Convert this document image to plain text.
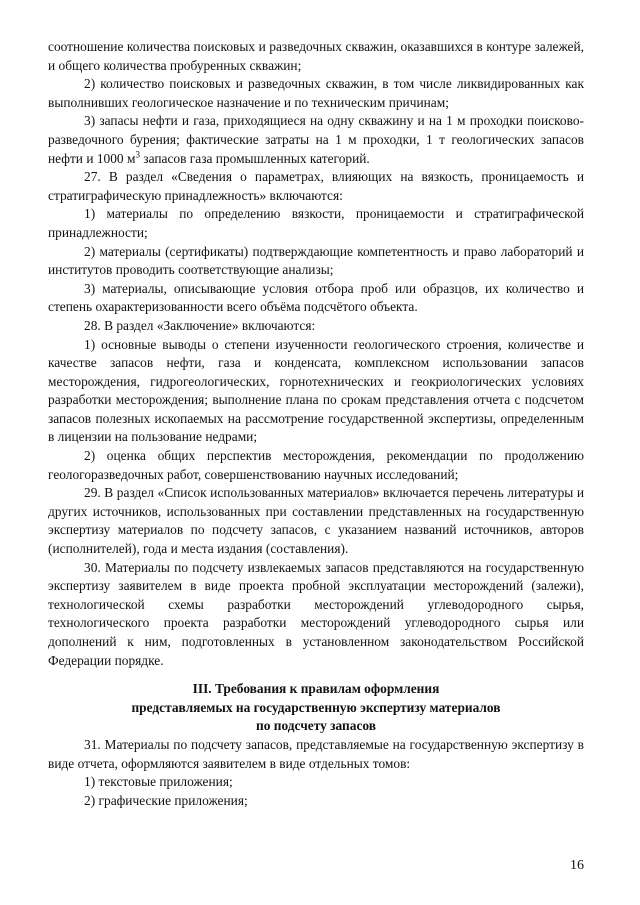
соотношение количества поисковых и разведочных скважин, оказавшихся в контуре залежей, и общего количества пробуренных скважин;

2) количество поисковых и разведочных скважин, в том числе ликвидированных как выполнивших геологическое назначение и по техническим причинам;

3) запасы нефти и газа, приходящиеся на одну скважину и на 1 м проходки поисково-разведочного бурения; фактические затраты на 1 м проходки, 1 т геологических запасов нефти и 1000 $м^3$ запасов газа промышленных категорий.

27. В раздел «Сведения о параметрах, влияющих на вязкость, проницаемость и стратиграфическую принадлежность» включаются:

1) материалы по определению вязкости, проницаемости и стратиграфической принадлежности;

2) материалы (сертификаты) подтверждающие компетентность и право лабораторий и институтов проводить соответствующие анализы;

3) материалы, описывающие условия отбора проб или образцов, их количество и степень охарактеризованности всего объёма подсчётого объекта.

28. В раздел «Заключение» включаются:

1) основные выводы о степени изученности геологического строения, количестве и качестве запасов нефти, газа и конденсата, комплексном использовании запасов месторождения, гидрогеологических, горнотехнических и геокриологических условиях разработки месторождения; выполнение плана по срокам представления отчета с подсчетом запасов полезных ископаемых на рассмотрение государственной экспертизы, определенным в лицензии на пользование недрами;

2) оценка общих перспектив месторождения, рекомендации по продолжению геологоразведочных работ, совершенствованию научных исследований;

29. В раздел «Список использованных материалов» включается перечень литературы и других источников, использованных при составлении представленных на государственную экспертизу материалов по подсчету запасов, с указанием названий источников, авторов (исполнителей), года и места издания (составления).

30. Материалы по подсчету извлекаемых запасов представляются на государственную экспертизу заявителем в виде проекта пробной эксплуатации месторождений (залежи), технологической схемы разработки месторождений углеводородного сырья, технологического проекта разработки месторождений углеводородного сырья или дополнений к ним, подготовленных в установленном законодательством Российской Федерации порядке.

III. Требования к правилам оформления
представляемых на государственную экспертизу материалов
по подсчету запасов

31. Материалы по подсчету запасов, представляемые на государственную экспертизу в виде отчета, оформляются заявителем в виде отдельных томов:

1) текстовые приложения;

2) графические приложения;

16
